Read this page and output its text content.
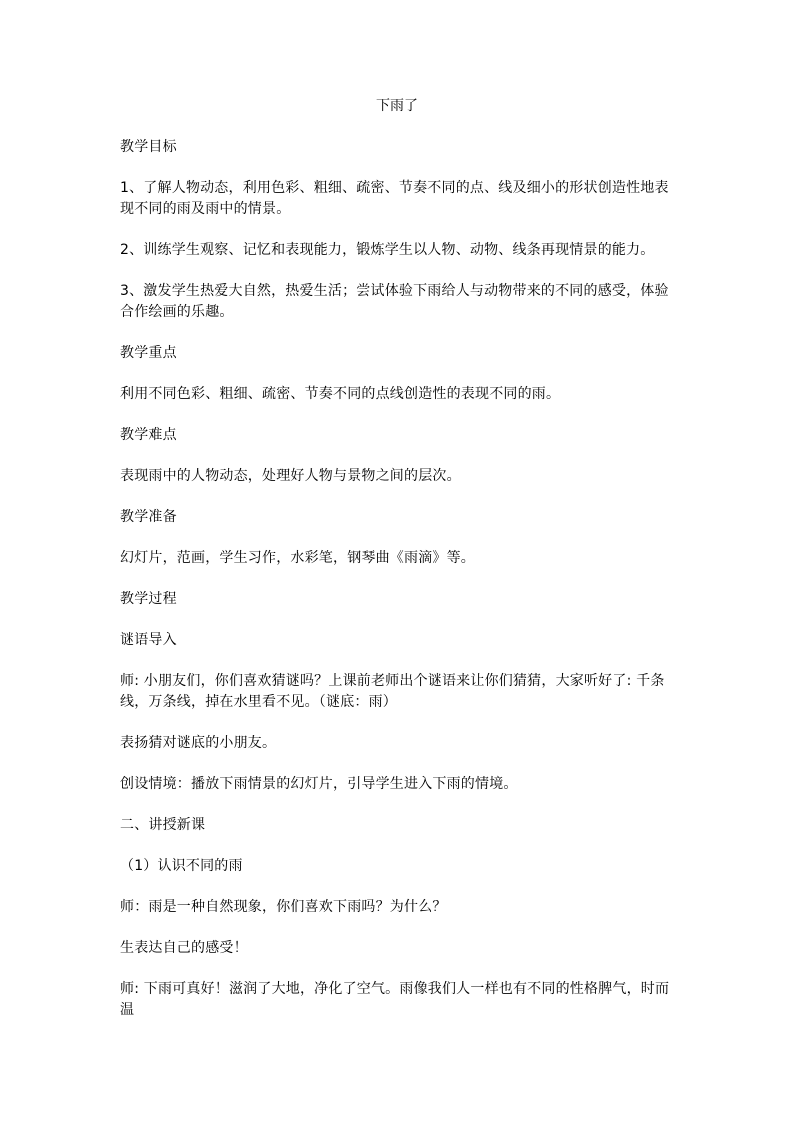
下雨了

教学目标

1、了解人物动态，利用色彩、粗细、疏密、节奏不同的点、线及细小的形状创造性地表现不同的雨及雨中的情景。

2、训练学生观察、记忆和表现能力，锻炼学生以人物、动物、线条再现情景的能力。

3、激发学生热爱大自然，热爱生活；尝试体验下雨给人与动物带来的不同的感受，体验合作绘画的乐趣。

教学重点

利用不同色彩、粗细、疏密、节奏不同的点线创造性的表现不同的雨。

教学难点

表现雨中的人物动态，处理好人物与景物之间的层次。

教学准备

幻灯片，范画，学生习作，水彩笔，钢琴曲《雨滴》等。

教学过程

谜语导入

师: 小朋友们，你们喜欢猜谜吗？上课前老师出个谜语来让你们猜猜，大家听好了: 千条线，万条线，掉在水里看不见。（谜底：雨）

表扬猜对谜底的小朋友。

创设情境：播放下雨情景的幻灯片，引导学生进入下雨的情境。

二、讲授新课

（1）认识不同的雨

师：雨是一种自然现象，你们喜欢下雨吗？为什么？

生表达自己的感受！

师: 下雨可真好！滋润了大地，净化了空气。雨像我们人一样也有不同的性格脾气，时而温
